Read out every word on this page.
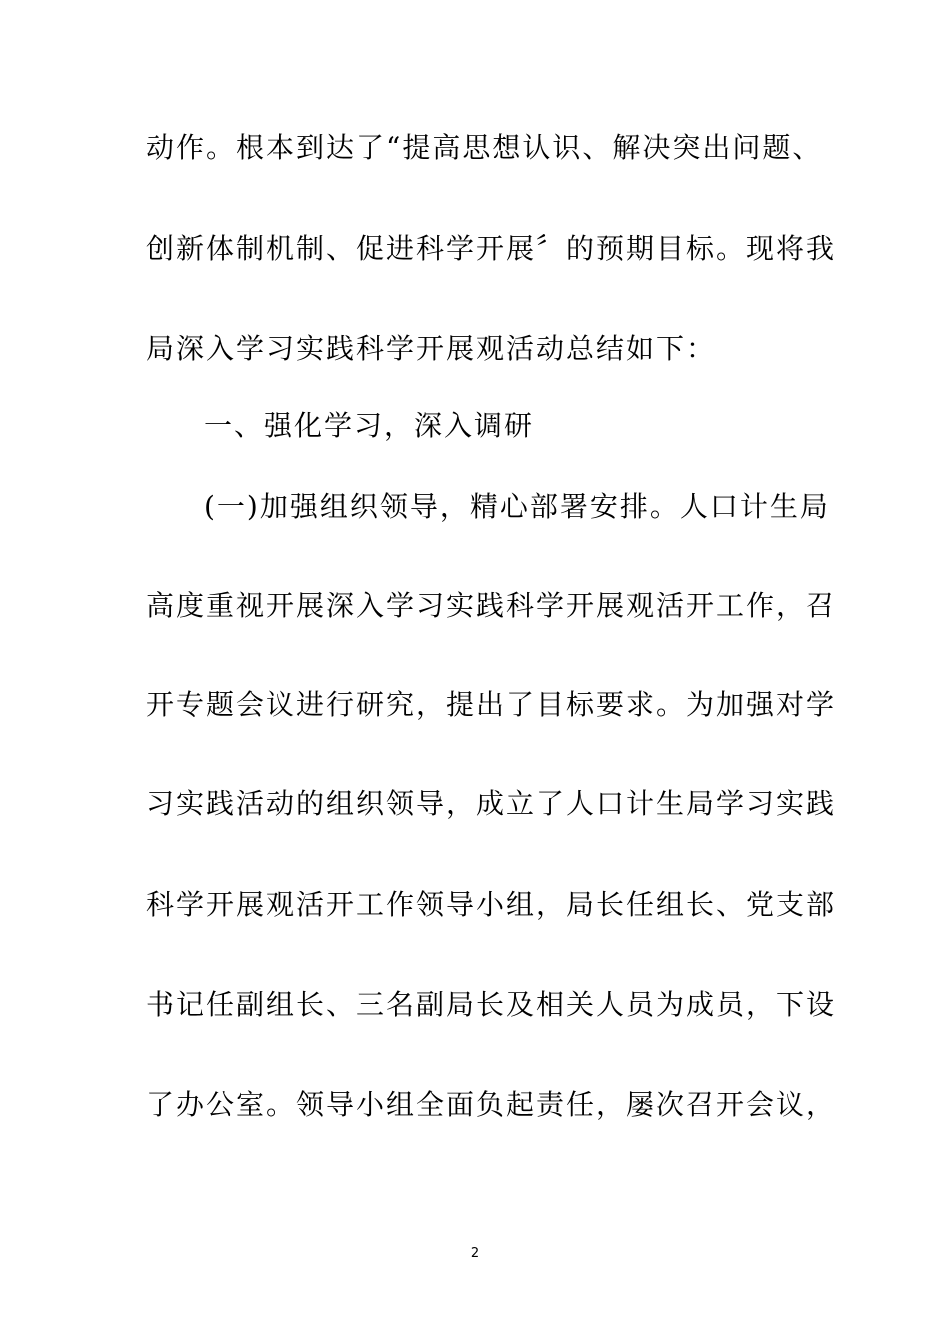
动作。根本到达了“提高思想认识、解决突出问题、
创新体制机制、促进科学开展〞的预期目标。现将我
局深入学习实践科学开展观活动总结如下：
一、强化学习，深入调研
(一)加强组织领导，精心部署安排。人口计生局
高度重视开展深入学习实践科学开展观活开工作，召
开专题会议进行研究，提出了目标要求。为加强对学
习实践活动的组织领导，成立了人口计生局学习实践
科学开展观活开工作领导小组，局长任组长、党支部
书记任副组长、三名副局长及相关人员为成员，下设
了办公室。领导小组全面负起责任，屡次召开会议，
2
